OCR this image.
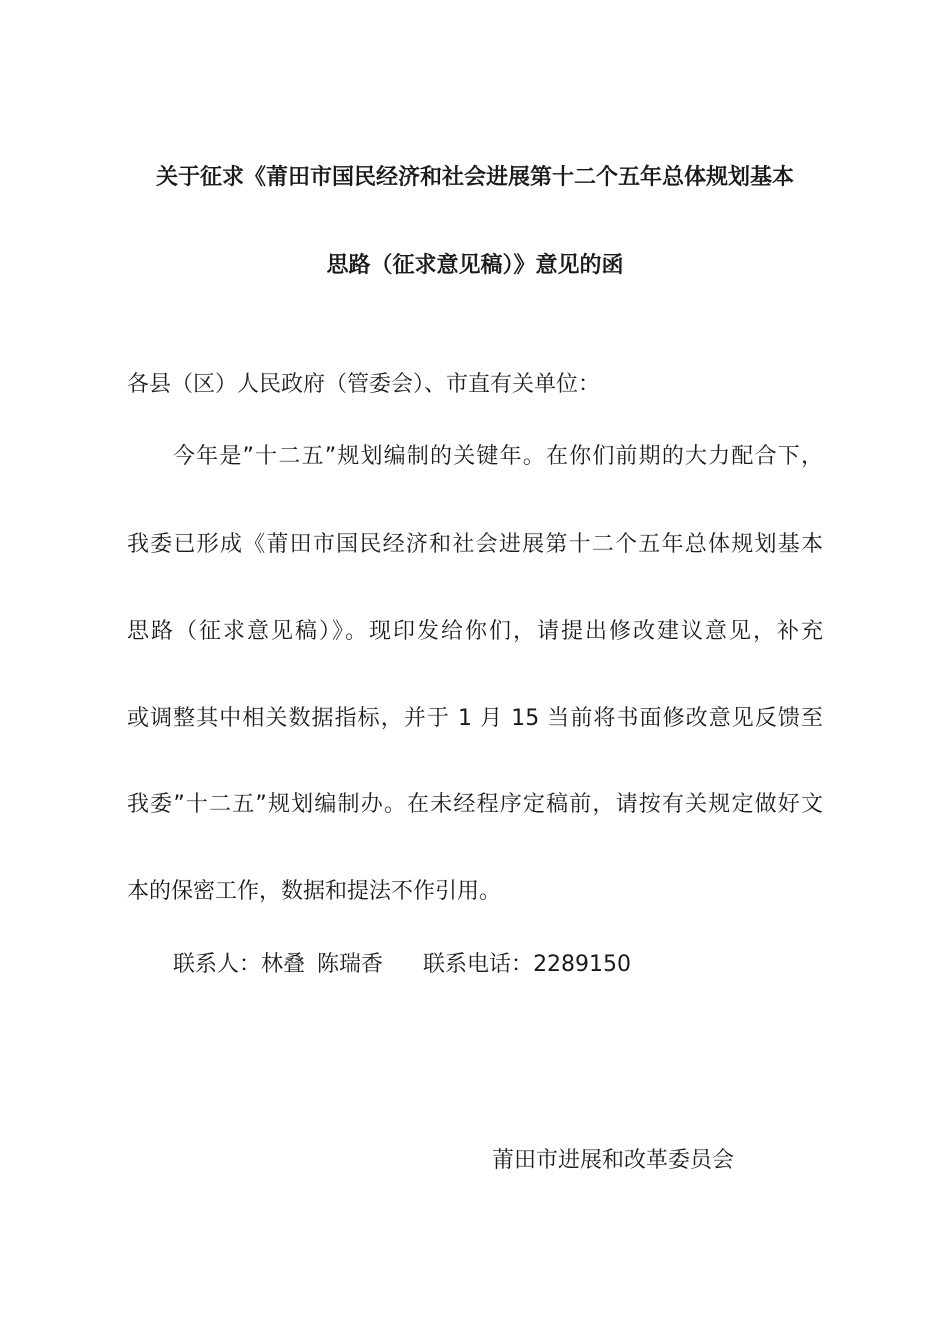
关于征求《莆田市国民经济和社会进展第十二个五年总体规划基本
思路（征求意见稿）》意见的函
各县（区）人民政府（管委会）、市直有关单位：
今年是”十二五”规划编制的关键年。在你们前期的大力配合下，
我委已形成《莆田市国民经济和社会进展第十二个五年总体规划基本
思路（征求意见稿）》。现印发给你们，请提出修改建议意见，补充
或调整其中相关数据指标，并于 1 月 15 当前将书面修改意见反馈至
我委”十二五”规划编制办。在未经程序定稿前，请按有关规定做好文
本的保密工作，数据和提法不作引用。
联系人：林叠 陈瑞香 联系电话：2289150
莆田市进展和改革委员会
